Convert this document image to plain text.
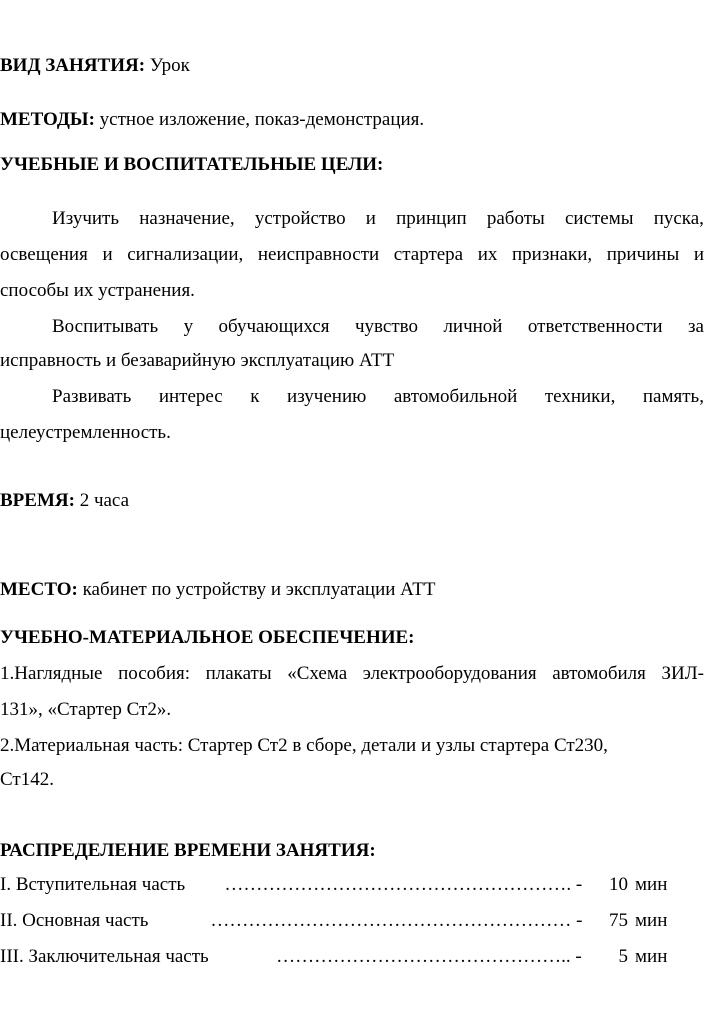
ВИД ЗАНЯТИЯ: Урок
МЕТОДЫ: устное изложение, показ-демонстрация.
УЧЕБНЫЕ И ВОСПИТАТЕЛЬНЫЕ ЦЕЛИ:
Изучить назначение, устройство и принцип работы системы пуска,
освещения и сигнализации, неисправности стартера их признаки, причины и
способы их устранения.
Воспитывать у обучающихся чувство личной ответственности за
исправность и безаварийную эксплуатацию АТТ
Развивать интерес к изучению автомобильной техники, память,
целеустремленность.
ВРЕМЯ: 2 часа
МЕСТО: кабинет по устройству и эксплуатации АТТ
УЧЕБНО-МАТЕРИАЛЬНОЕ ОБЕСПЕЧЕНИЕ:
1.Наглядные пособия: плакаты «Схема электрооборудования автомобиля ЗИЛ-
131», «Стартер Ст2».
2.Материальная часть: Стартер Ст2 в сборе, детали и узлы стартера Ст230,
Ст142.
РАСПРЕДЕЛЕНИЕ ВРЕМЕНИ ЗАНЯТИЯ:
I. Вступительная часть ………………………………………………. -	10 мин
II. Основная часть	………………………………………………… -	75 мин
III. Заключительная часть	……………………………………….. -	5 мин
